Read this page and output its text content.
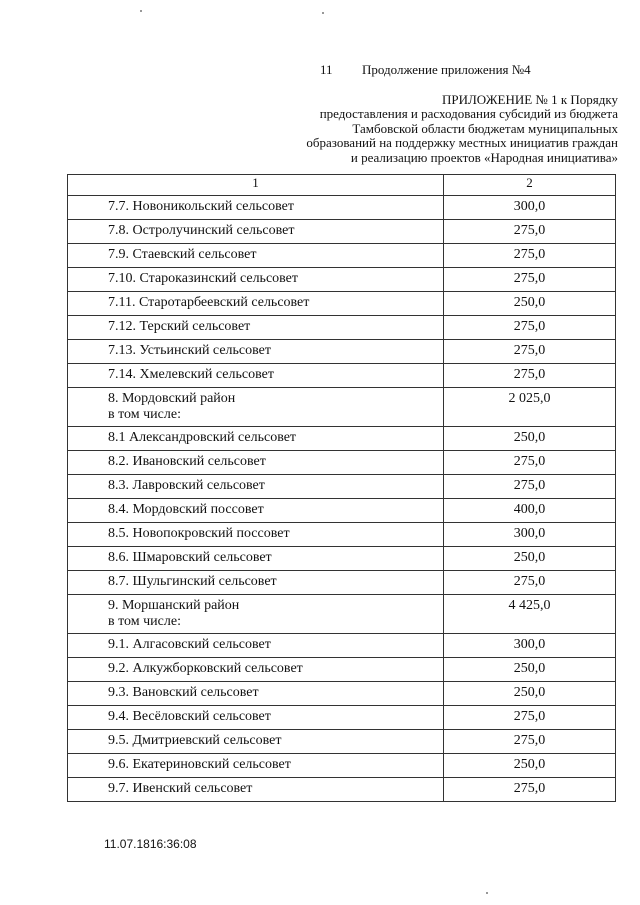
11 Продолжение приложения №4
ПРИЛОЖЕНИЕ № 1 к Порядку
предоставления и расходования субсидий из бюджета
Тамбовской области бюджетам муниципальных
образований на поддержку местных инициатив граждан
и реализацию проектов «Народная инициатива»
1	2

7.7. Новоникольский сельсовет	300,0

7.8. Остролучинский сельсовет	275,0

7.9. Стаевский сельсовет	275,0

7.10. Староказинский сельсовет	275,0

7.11. Старотарбеевский сельсовет	250,0

7.12. Терский сельсовет	275,0

7.13. Устьинский сельсовет	275,0

7.14. Хмелевский сельсовет	275,0

8. Мордовский район
в том числе:	2 025,0

8.1 Александровский сельсовет	250,0

8.2. Ивановский сельсовет	275,0

8.3. Лавровский сельсовет	275,0

8.4. Мордовский поссовет	400,0

8.5. Новопокровский поссовет	300,0

8.6. Шмаровский сельсовет	250,0

8.7. Шульгинский сельсовет	275,0

9. Моршанский район
в том числе:	4 425,0

9.1. Алгасовский сельсовет	300,0

9.2. Алкужборковский сельсовет	250,0

9.3. Вановский сельсовет	250,0

9.4. Весёловский сельсовет	275,0

9.5. Дмитриевский сельсовет	275,0

9.6. Екатериновский сельсовет	250,0

9.7. Ивенский сельсовет	275,0
11.07.1816:36:08
